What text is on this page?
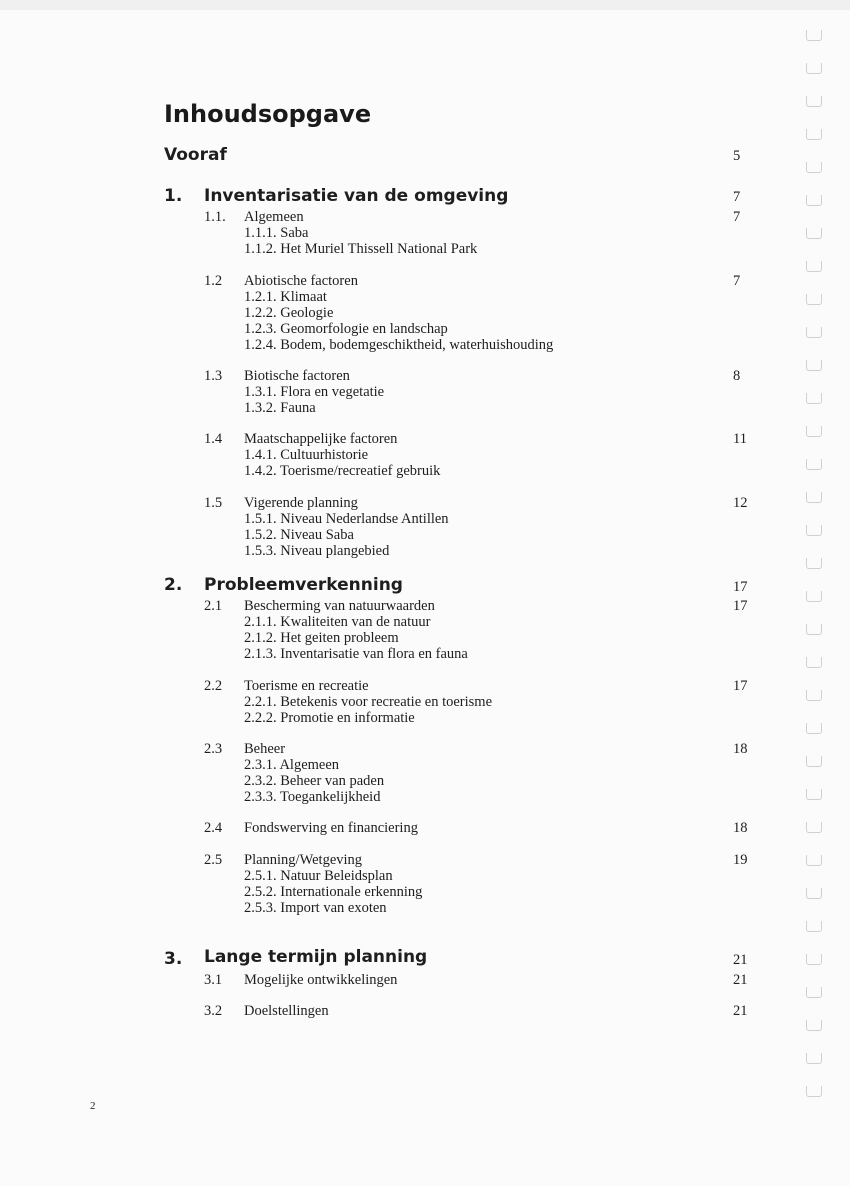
Inhoudsopgave
Vooraf	5
1. Inventarisatie van de omgeving	7
1.1. Algemeen	7
1.1.1. Saba
1.1.2. Het Muriel Thissell National Park
1.2 Abiotische factoren	7
1.2.1. Klimaat
1.2.2. Geologie
1.2.3. Geomorfologie en landschap
1.2.4. Bodem, bodemgeschiktheid, waterhuishouding
1.3 Biotische factoren	8
1.3.1. Flora en vegetatie
1.3.2. Fauna
1.4 Maatschappelijke factoren	11
1.4.1. Cultuurhistorie
1.4.2. Toerisme/recreatief gebruik
1.5 Vigerende planning	12
1.5.1. Niveau Nederlandse Antillen
1.5.2. Niveau Saba
1.5.3. Niveau plangebied
2. Probleemverkenning	17
2.1 Bescherming van natuurwaarden	17
2.1.1. Kwaliteiten van de natuur
2.1.2. Het geiten probleem
2.1.3. Inventarisatie van flora en fauna
2.2 Toerisme en recreatie	17
2.2.1. Betekenis voor recreatie en toerisme
2.2.2. Promotie en informatie
2.3 Beheer	18
2.3.1. Algemeen
2.3.2. Beheer van paden
2.3.3. Toegankelijkheid
2.4 Fondswerving en financiering	18
2.5 Planning/Wetgeving	19
2.5.1. Natuur Beleidsplan
2.5.2. Internationale erkenning
2.5.3. Import van exoten
3. Lange termijn planning	21
3.1 Mogelijke ontwikkelingen	21
3.2 Doelstellingen	21
2
